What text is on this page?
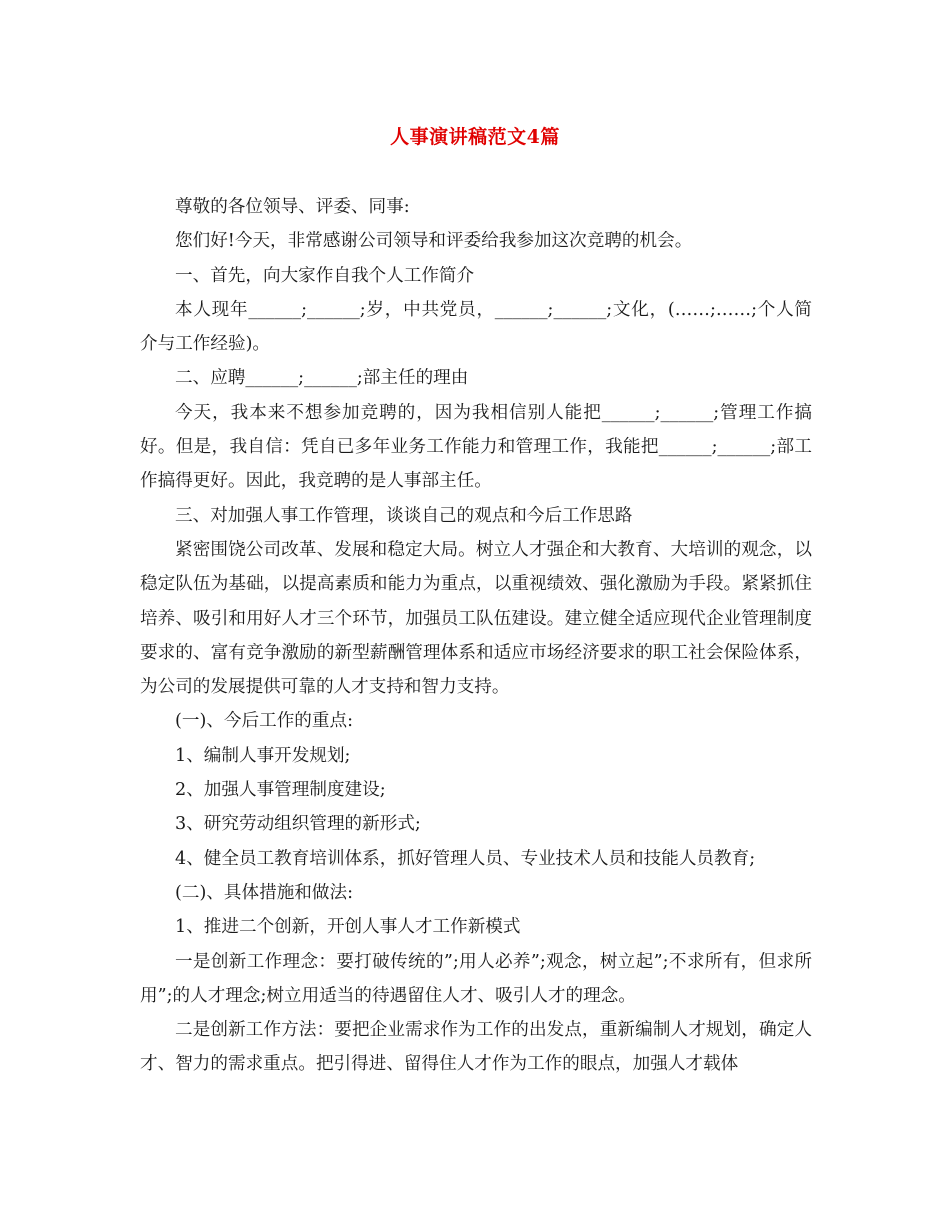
人事演讲稿范文4篇

尊敬的各位领导、评委、同事:

您们好!今天，非常感谢公司领导和评委给我参加这次竞聘的机会。

一、首先，向大家作自我个人工作简介

本人现年______;______;岁，中共党员，______;______;文化，(……;……;个人简介与工作经验)。

二、应聘______;______;部主任的理由

今天，我本来不想参加竞聘的，因为我相信别人能把______;______;管理工作搞好。但是，我自信：凭自已多年业务工作能力和管理工作，我能把______;______;部工作搞得更好。因此，我竞聘的是人事部主任。

三、对加强人事工作管理，谈谈自己的观点和今后工作思路

紧密围饶公司改革、发展和稳定大局。树立人才强企和大教育、大培训的观念，以稳定队伍为基础，以提高素质和能力为重点，以重视绩效、强化激励为手段。紧紧抓住培养、吸引和用好人才三个环节，加强员工队伍建设。建立健全适应现代企业管理制度要求的、富有竞争激励的新型薪酬管理体系和适应市场经济要求的职工社会保险体系，为公司的发展提供可靠的人才支持和智力支持。

(一)、今后工作的重点:

1、编制人事开发规划;

2、加强人事管理制度建设;

3、研究劳动组织管理的新形式;

4、健全员工教育培训体系，抓好管理人员、专业技术人员和技能人员教育;

(二)、具体措施和做法:

1、推进二个创新，开创人事人才工作新模式

一是创新工作理念：要打破传统的”;用人必养”;观念，树立起”;不求所有，但求所用”;的人才理念;树立用适当的待遇留住人才、吸引人才的理念。

二是创新工作方法：要把企业需求作为工作的出发点，重新编制人才规划，确定人才、智力的需求重点。把引得进、留得住人才作为工作的眼点，加强人才载体
